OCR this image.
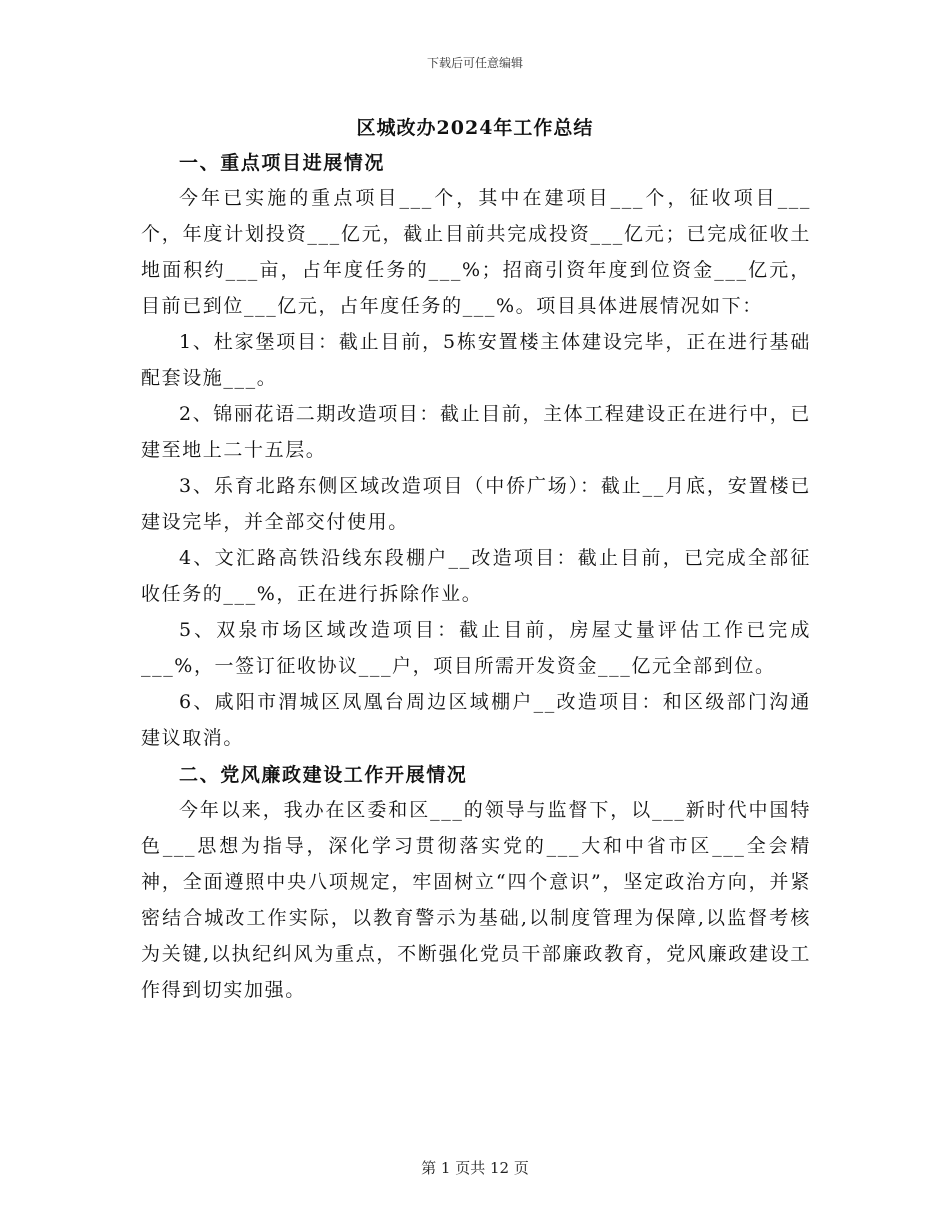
下载后可任意编辑
区城改办2024年工作总结

一、重点项目进展情况

今年已实施的重点项目___个，其中在建项目___个，征收项目___个，年度计划投资___亿元，截止目前共完成投资___亿元；已完成征收土地面积约___亩，占年度任务的___%；招商引资年度到位资金___亿元，目前已到位___亿元，占年度任务的___%。项目具体进展情况如下：

1、杜家堡项目：截止目前，5栋安置楼主体建设完毕，正在进行基础配套设施___。

2、锦丽花语二期改造项目：截止目前，主体工程建设正在进行中，已建至地上二十五层。

3、乐育北路东侧区域改造项目（中侨广场）：截止__月底，安置楼已建设完毕，并全部交付使用。

4、文汇路高铁沿线东段棚户__改造项目：截止目前，已完成全部征收任务的___%，正在进行拆除作业。

5、双泉市场区域改造项目：截止目前，房屋丈量评估工作已完成___%，一签订征收协议___户，项目所需开发资金___亿元全部到位。

6、咸阳市渭城区凤凰台周边区域棚户__改造项目：和区级部门沟通建议取消。

二、党风廉政建设工作开展情况

今年以来，我办在区委和区___的领导与监督下，以___新时代中国特色___思想为指导，深化学习贯彻落实党的___大和中省市区___全会精神，全面遵照中央八项规定，牢固树立“四个意识”，坚定政治方向，并紧密结合城改工作实际，以教育警示为基础,以制度管理为保障,以监督考核为关键,以执纪纠风为重点，不断强化党员干部廉政教育，党风廉政建设工作得到切实加强。

第 1 页共 12 页
